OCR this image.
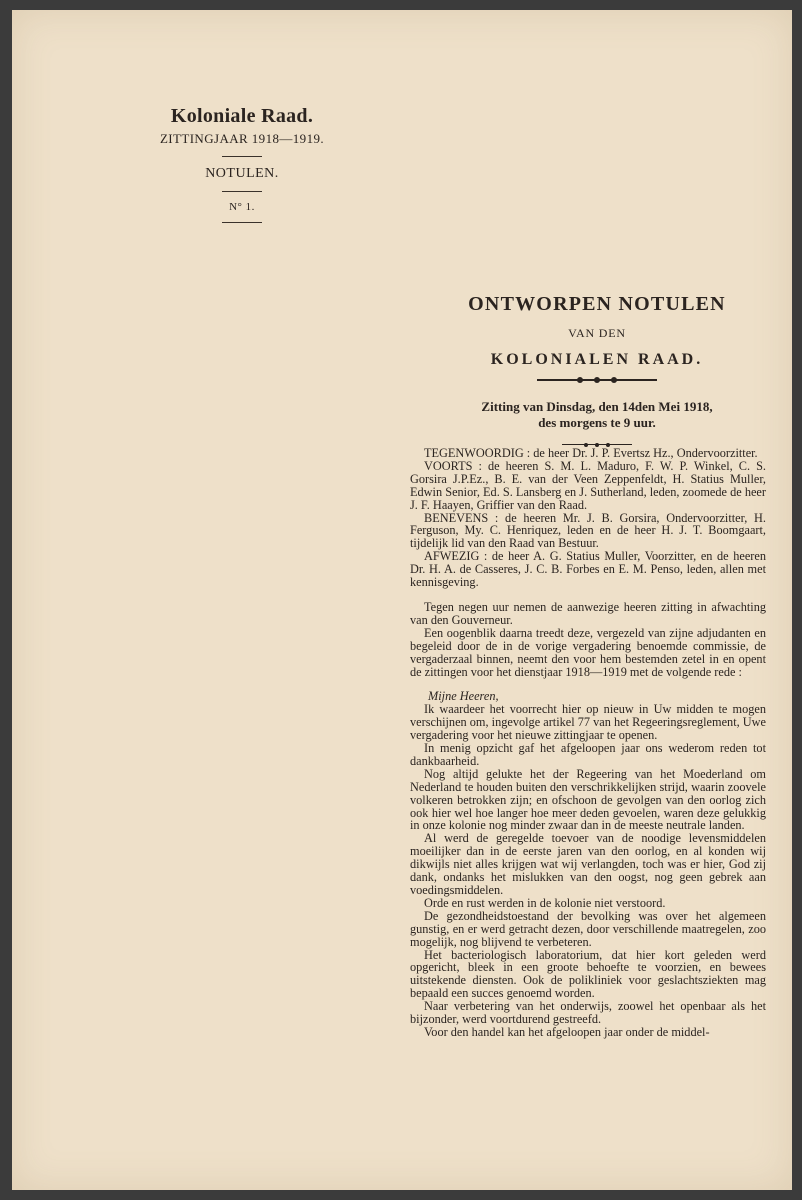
Koloniale Raad.
ZITTINGJAAR 1918—1919.
NOTULEN.
N° 1.
ONTWORPEN NOTULEN
VAN DEN
KOLONIALEN RAAD.
Zitting van Dinsdag, den 14den Mei 1918,
des morgens te 9 uur.

TEGENWOORDIG : de heer Dr. J. P. Evertsz Hz., Ondervoorzitter.

VOORTS : de heeren S. M. L. Maduro, F. W. P. Winkel, C. S. Gorsira J.P.Ez., B. E. van der Veen Zeppenfeldt, H. Statius Muller, Edwin Senior, Ed. S. Lansberg en J. Sutherland, leden, zoomede de heer J. F. Haayen, Griffier van den Raad.

BENEVENS : de heeren Mr. J. B. Gorsira, Ondervoorzitter, H. Ferguson, My. C. Henriquez, leden en de heer H. J. T. Boomgaart, tijdelijk lid van den Raad van Bestuur.

AFWEZIG : de heer A. G. Statius Muller, Voorzitter, en de heeren Dr. H. A. de Casseres, J. C. B. Forbes en E. M. Penso, leden, allen met kennisgeving.

Tegen negen uur nemen de aanwezige heeren zitting in afwachting van den Gouverneur.

Een oogenblik daarna treedt deze, vergezeld van zijne adjudanten en begeleid door de in de vorige vergadering benoemde commissie, de vergaderzaal binnen, neemt den voor hem bestemden zetel in en opent de zittingen voor het dienstjaar 1918—1919 met de volgende rede :

Mijne Heeren,

Ik waardeer het voorrecht hier op nieuw in Uw midden te mogen verschijnen om, ingevolge artikel 77 van het Regeeringsreglement, Uwe vergadering voor het nieuwe zittingjaar te openen.

In menig opzicht gaf het afgeloopen jaar ons wederom reden tot dankbaarheid.

Nog altijd gelukte het der Regeering van het Moederland om Nederland te houden buiten den verschrikkelijken strijd, waarin zoovele volkeren betrokken zijn; en ofschoon de gevolgen van den oorlog zich ook hier wel hoe langer hoe meer deden gevoelen, waren deze gelukkig in onze kolonie nog minder zwaar dan in de meeste neutrale landen.

Al werd de geregelde toevoer van de noodige levensmiddelen moeilijker dan in de eerste jaren van den oorlog, en al konden wij dikwijls niet alles krijgen wat wij verlangden, toch was er hier, God zij dank, ondanks het mislukken van den oogst, nog geen gebrek aan voedingsmiddelen.

Orde en rust werden in de kolonie niet verstoord.

De gezondheidstoestand der bevolking was over het algemeen gunstig, en er werd getracht dezen, door verschillende maatregelen, zoo mogelijk, nog blijvend te verbeteren.

Het bacteriologisch laboratorium, dat hier kort geleden werd opgericht, bleek in een groote behoefte te voorzien, en bewees uitstekende diensten. Ook de polikliniek voor geslachtsziekten mag bepaald een succes genoemd worden.

Naar verbetering van het onderwijs, zoowel het openbaar als het bijzonder, werd voortdurend gestreefd.

Voor den handel kan het afgeloopen jaar onder de middel-
